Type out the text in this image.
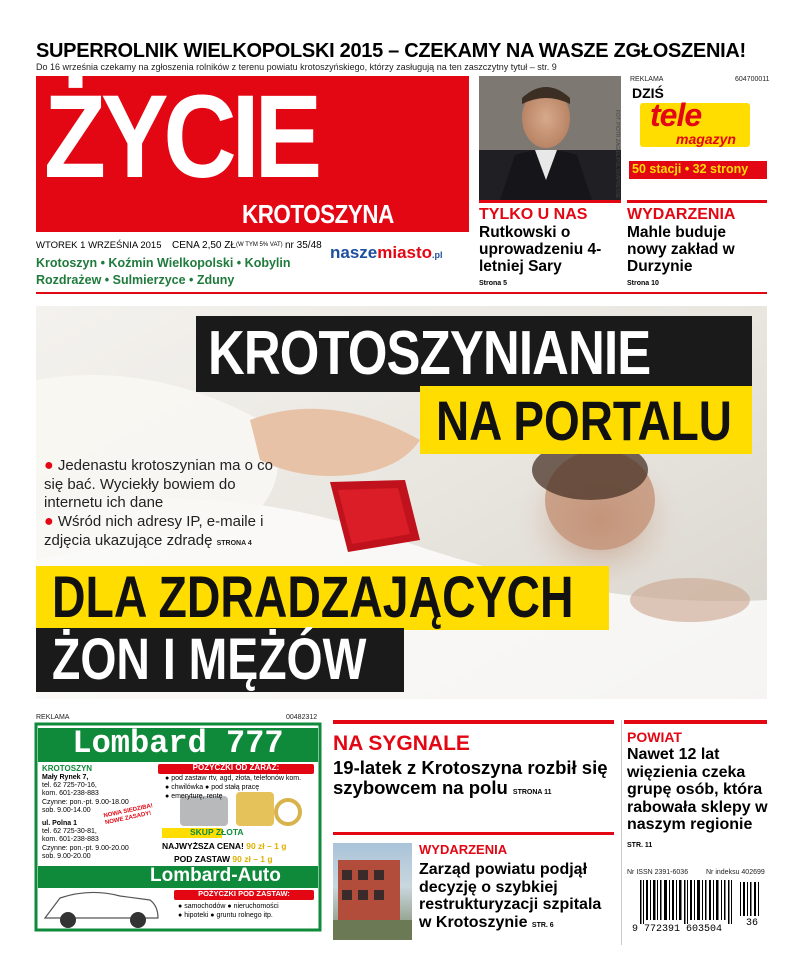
SUPERROLNIK WIELKOPOLSKI 2015 – CZEKAMY NA WASZE ZGŁOSZENIA!
Do 16 września czekamy na zgłoszenia rolników z terenu powiatu krotoszyńskiego, którzy zasługują na ten zaszczytny tytuł – str. 9
ŻYCIE
KROTOSZYNA
WTOREK 1 WRZEŚNIA 2015 CENA 2,50 ZŁ (W TYM 5% VAT) nr 35/48 naszemiasto.pl
Krotoszyn • Koźmin Wielkopolski • Kobylin
Rozdrażew • Sulmierzyce • Zduny
FOT. PIOTR ZAGIEŁ/POLSKAPRESSE
TYLKO U NAS
Rutkowski o uprowadzeniu 4-letniej Sary
Strona 5
REKLAMA	604700011
DZIŚ
tele
magazyn
50 stacji • 32 strony
WYDARZENIA
Mahle buduje nowy zakład w Durzynie
Strona 10
KROTOSZYNIANIE
NA PORTALU
● Jedenastu krotoszynian ma o co się bać. Wyciekły bowiem do internetu ich dane
● Wśród nich adresy IP, e-maile i zdjęcia ukazujące zdradę STRONA 4
DLA ZDRADZAJĄCYCH
ŻON I MĘŻÓW
REKLAMA	00482312
Lombard 777
POŻYCZKI OD ZARAZ:
● pod zastaw rtv, agd, złota, telefonów kom.
● chwilówka ● pod stałą pracę
● emeryturę, rentę
KROTOSZYN
Mały Rynek 7,
tel. 62 725-70-16,
kom. 601-238-883
Czynne: pon.-pt. 9.00-18.00
sob. 9.00-14.00
ul. Polna 1
tel. 62 725-30-81,
kom. 601-238-883
Czynne: pon.-pt. 9.00-20.00
sob. 9.00-20.00
NOWA SIEDZIBA! NOWE ZASADY!
SKUP ZŁOTA
NAJWYŻSZA CENA! 90 zł – 1 g
POD ZASTAW 90 zł – 1 g
Lombard-Auto
POŻYCZKI POD ZASTAW:
● samochodów ● nieruchomości
● hipoteki ● gruntu rolnego itp.
NA SYGNALE
19-latek z Krotoszyna rozbił się szybowcem na polu STRONA 11
WYDARZENIA
Zarząd powiatu podjął decyzję o szybkiej restrukturyzacji szpitala w Krotoszynie STR. 6
POWIAT
Nawet 12 lat więzienia czeka grupę osób, która rabowała sklepy w naszym regionie STR. 11
Nr ISSN 2391-6036	Nr indeksu 402699
9 772391 603504
36
